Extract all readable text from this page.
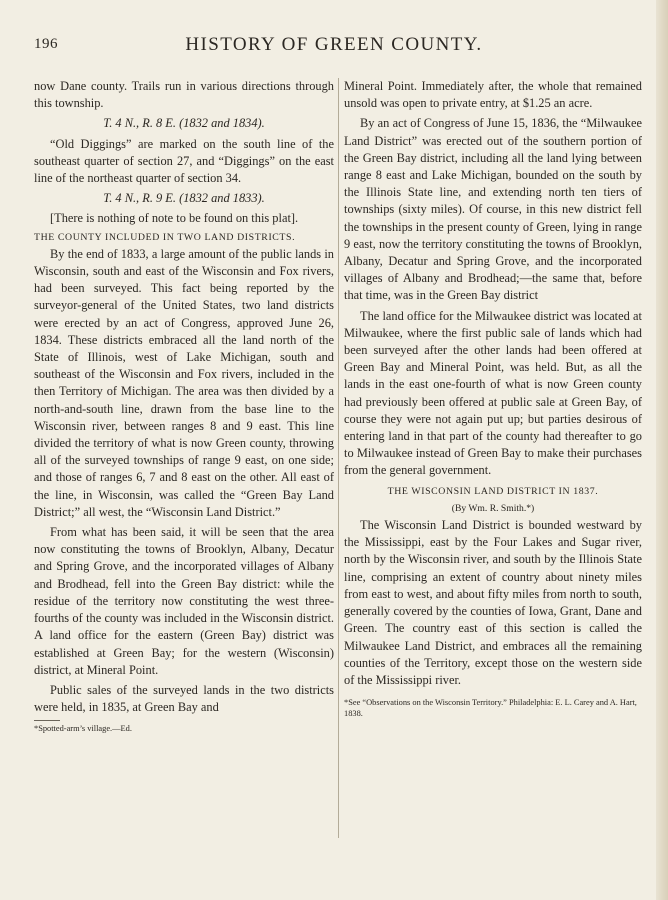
196	HISTORY OF GREEN COUNTY.

now Dane county. Trails run in various directions through this township.

T. 4 N., R. 8 E. (1832 and 1834).

“Old Diggings” are marked on the south line of the southeast quarter of section 27, and “Diggings” on the east line of the northeast quarter of section 34.

T. 4 N., R. 9 E. (1832 and 1833).

[There is nothing of note to be found on this plat].

THE COUNTY INCLUDED IN TWO LAND DISTRICTS.

By the end of 1833, a large amount of the public lands in Wisconsin, south and east of the Wisconsin and Fox rivers, had been surveyed. This fact being reported by the surveyor-general of the United States, two land districts were erected by an act of Congress, approved June 26, 1834. These districts embraced all the land north of the State of Illinois, west of Lake Michigan, south and southeast of the Wisconsin and Fox rivers, included in the then Territory of Michigan. The area was then divided by a north-and-south line, drawn from the base line to the Wisconsin river, between ranges 8 and 9 east. This line divided the territory of what is now Green county, throwing all of the surveyed townships of range 9 east, on one side; and those of ranges 6, 7 and 8 east on the other. All east of the line, in Wisconsin, was called the “Green Bay Land District;” all west, the “Wisconsin Land District.”

From what has been said, it will be seen that the area now constituting the towns of Brooklyn, Albany, Decatur and Spring Grove, and the incorporated villages of Albany and Brodhead, fell into the Green Bay district: while the residue of the territory now constituting the west three-fourths of the county was included in the Wisconsin district. A land office for the eastern (Green Bay) district was established at Green Bay; for the western (Wisconsin) district, at Mineral Point.

Public sales of the surveyed lands in the two districts were held, in 1835, at Green Bay and

*Spotted-arm’s village.—Ed.

Mineral Point. Immediately after, the whole that remained unsold was open to private entry, at $1.25 an acre.

By an act of Congress of June 15, 1836, the “Milwaukee Land District” was erected out of the southern portion of the Green Bay district, including all the land lying between range 8 east and Lake Michigan, bounded on the south by the Illinois State line, and extending north ten tiers of townships (sixty miles). Of course, in this new district fell the townships in the present county of Green, lying in range 9 east, now the territory constituting the towns of Brooklyn, Albany, Decatur and Spring Grove, and the incorporated villages of Albany and Brodhead;—the same that, before that time, was in the Green Bay district

The land office for the Milwaukee district was located at Milwaukee, where the first public sale of lands which had been surveyed after the other lands had been offered at Green Bay and Mineral Point, was held. But, as all the lands in the east one-fourth of what is now Green county had previously been offered at public sale at Green Bay, of course they were not again put up; but parties desirous of entering land in that part of the county had thereafter to go to Milwaukee instead of Green Bay to make their purchases from the general government.

THE WISCONSIN LAND DISTRICT IN 1837.

(By Wm. R. Smith.*)

The Wisconsin Land District is bounded westward by the Mississippi, east by the Four Lakes and Sugar river, north by the Wisconsin river, and south by the Illinois State line, comprising an extent of country about ninety miles from east to west, and about fifty miles from north to south, generally covered by the counties of Iowa, Grant, Dane and Green. The country east of this section is called the Milwaukee Land District, and embraces all the remaining counties of the Territory, except those on the western side of the Mississippi river.

*See “Observations on the Wisconsin Territory.” Philadelphia: E. L. Carey and A. Hart, 1838.
